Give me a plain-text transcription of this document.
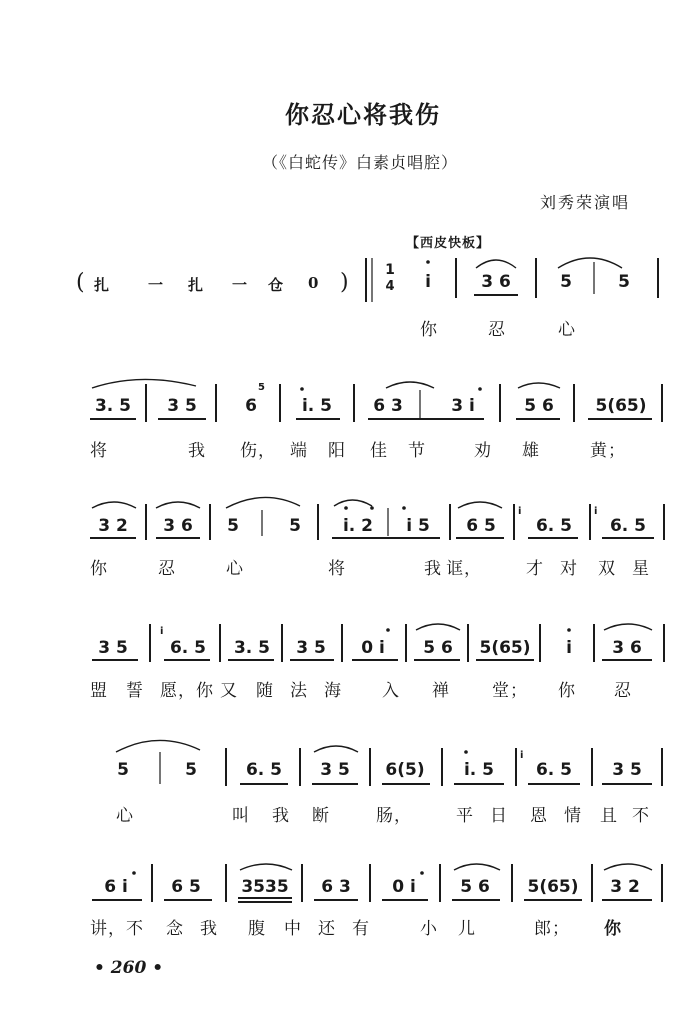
你忍心将我伤
（《白蛇传》白素贞唱腔）
刘秀荣演唱
【西皮快板】
( 扎	一 扎 一 仓 0 )	1
4	i	3 6	5	5
你	忍	心
3. 5	3 5	6	i. 5	6 3	3 i	5 6	5(65)
将	我 伤， 端 阳 佳 节	劝 雄	黄；
3 2	3 6	5	5	i. 2	i 5	6 5	6. 5	6. 5
你	忍	心	将	我 诓，	才 对 双 星
3 5	6. 5	3. 5	3 5	0 i	5 6	5(65)	i	3 6
盟 誓 愿，你 又 随 法 海 入 禅 堂； 你 忍
5	5	6. 5	3 5	6(5)	i. 5	6. 5	3 5
心	叫 我 断	肠，	平 日 恩 情 且 不
6 i	6 5	3535	6 3	0 i	5 6	5(65)	3 2
讲，不 念 我 腹 中 还 有	小 儿	郎； 你
• 260 •
5
i	i
i
i
